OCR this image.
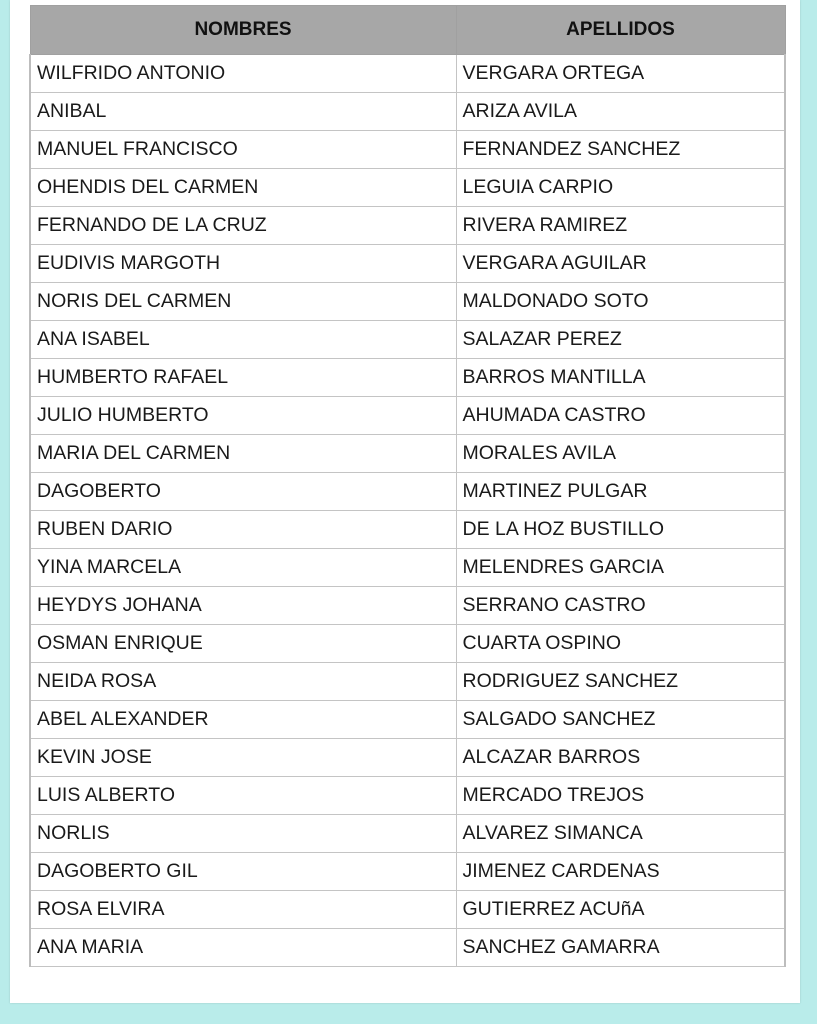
NOMBRES	APELLIDOS
WILFRIDO ANTONIO	VERGARA ORTEGA
ANIBAL	ARIZA AVILA
MANUEL FRANCISCO	FERNANDEZ SANCHEZ
OHENDIS DEL CARMEN	LEGUIA CARPIO
FERNANDO DE LA CRUZ	RIVERA RAMIREZ
EUDIVIS MARGOTH	VERGARA AGUILAR
NORIS DEL CARMEN	MALDONADO SOTO
ANA ISABEL	SALAZAR PEREZ
HUMBERTO RAFAEL	BARROS MANTILLA
JULIO HUMBERTO	AHUMADA CASTRO
MARIA DEL CARMEN	MORALES AVILA
DAGOBERTO	MARTINEZ PULGAR
RUBEN DARIO	DE LA HOZ BUSTILLO
YINA MARCELA	MELENDRES GARCIA
HEYDYS JOHANA	SERRANO CASTRO
OSMAN ENRIQUE	CUARTA OSPINO
NEIDA ROSA	RODRIGUEZ SANCHEZ
ABEL ALEXANDER	SALGADO SANCHEZ
KEVIN JOSE	ALCAZAR BARROS
LUIS ALBERTO	MERCADO TREJOS
NORLIS	ALVAREZ SIMANCA
DAGOBERTO GIL	JIMENEZ CARDENAS
ROSA ELVIRA	GUTIERREZ ACUñA
ANA MARIA	SANCHEZ GAMARRA
